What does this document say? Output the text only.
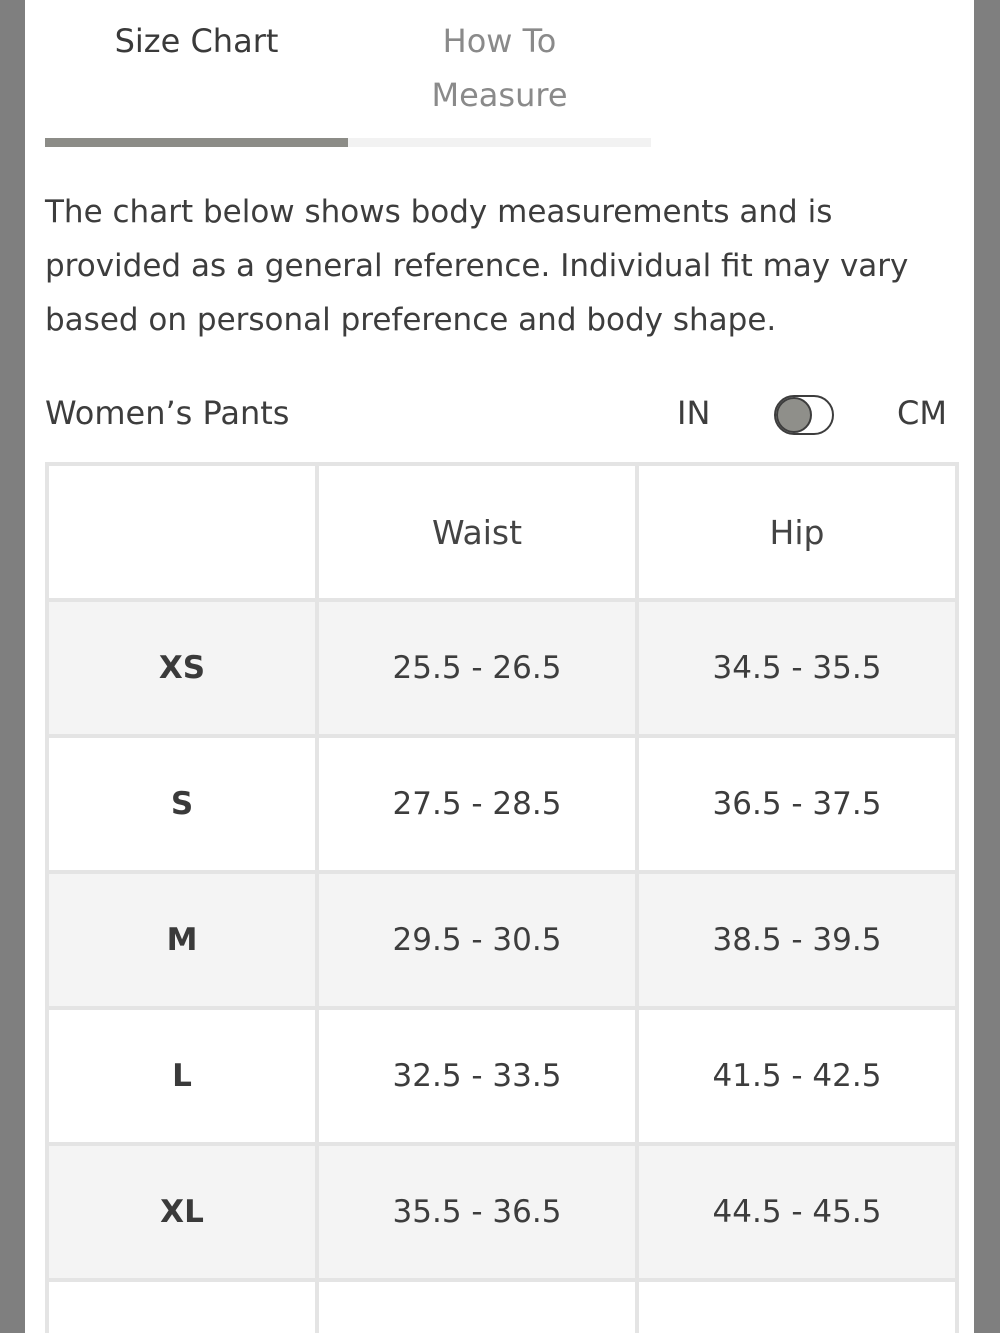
Size Chart	How To
Measure

The chart below shows body measurements and is provided as a general reference. Individual fit may vary based on personal preference and body shape.

Women’s Pants	IN	CM
	Waist	Hip
XS	25.5 - 26.5	34.5 - 35.5
S	27.5 - 28.5	36.5 - 37.5
M	29.5 - 30.5	38.5 - 39.5
L	32.5 - 33.5	41.5 - 42.5
XL	35.5 - 36.5	44.5 - 45.5
